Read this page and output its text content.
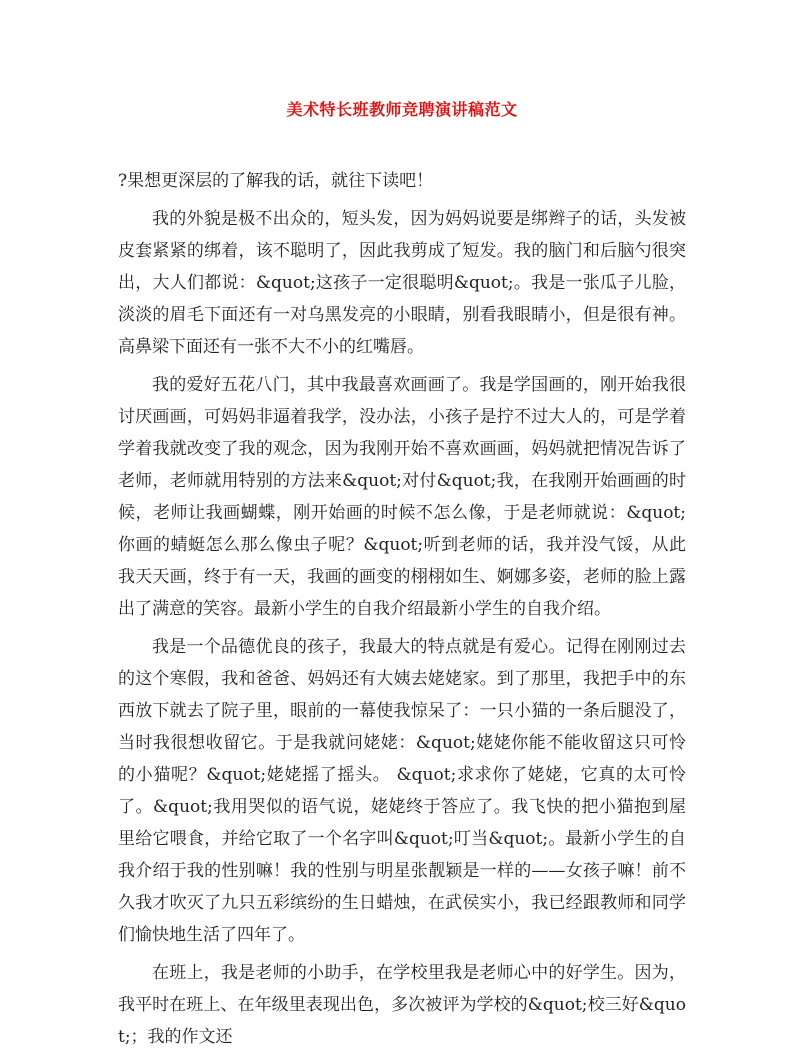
美术特长班教师竞聘演讲稿范文

?果想更深层的了解我的话，就往下读吧！

我的外貌是极不出众的，短头发，因为妈妈说要是绑辫子的话，头发被皮套紧紧的绑着，该不聪明了，因此我剪成了短发。我的脑门和后脑勺很突出，大人们都说：&quot;这孩子一定很聪明&quot;。我是一张瓜子儿脸，淡淡的眉毛下面还有一对乌黑发亮的小眼睛，别看我眼睛小，但是很有神。高鼻梁下面还有一张不大不小的红嘴唇。

我的爱好五花八门，其中我最喜欢画画了。我是学国画的，刚开始我很讨厌画画，可妈妈非逼着我学，没办法，小孩子是拧不过大人的，可是学着学着我就改变了我的观念，因为我刚开始不喜欢画画，妈妈就把情况告诉了老师，老师就用特别的方法来&quot;对付&quot;我，在我刚开始画画的时候，老师让我画蝴蝶，刚开始画的时候不怎么像，于是老师就说：&quot;你画的蜻蜓怎么那么像虫子呢？&quot;听到老师的话，我并没气馁，从此我天天画，终于有一天，我画的画变的栩栩如生、婀娜多姿，老师的脸上露出了满意的笑容。最新小学生的自我介绍最新小学生的自我介绍。

我是一个品德优良的孩子，我最大的特点就是有爱心。记得在刚刚过去的这个寒假，我和爸爸、妈妈还有大姨去姥姥家。到了那里，我把手中的东西放下就去了院子里，眼前的一幕使我惊呆了：一只小猫的一条后腿没了，当时我很想收留它。于是我就问姥姥：&quot;姥姥你能不能收留这只可怜的小猫呢？&quot;姥姥摇了摇头。 &quot;求求你了姥姥，它真的太可怜了。&quot;我用哭似的语气说，姥姥终于答应了。我飞快的把小猫抱到屋里给它喂食，并给它取了一个名字叫&quot;叮当&quot;。最新小学生的自我介绍于我的性别嘛！我的性别与明星张靓颖是一样的——女孩子嘛！前不久我才吹灭了九只五彩缤纷的生日蜡烛，在武侯实小，我已经跟教师和同学们愉快地生活了四年了。

在班上，我是老师的小助手，在学校里我是老师心中的好学生。因为，我平时在班上、在年级里表现出色，多次被评为学校的&quot;校三好&quot;；我的作文还
